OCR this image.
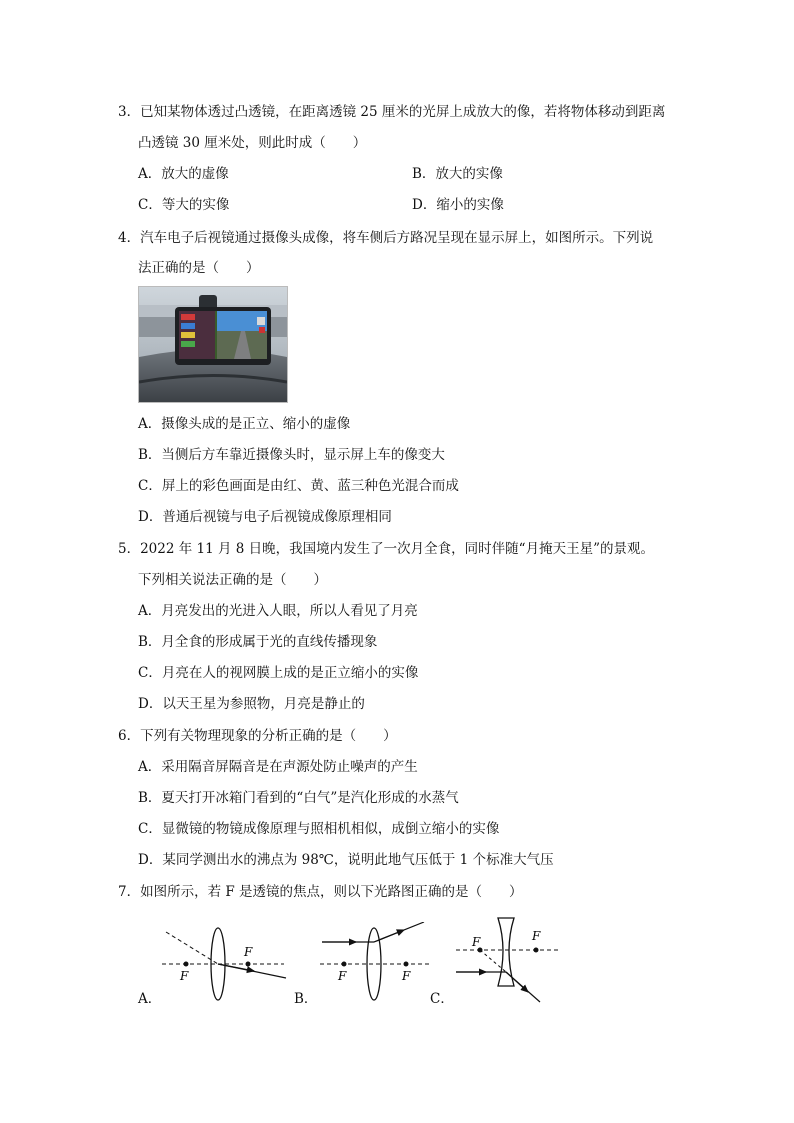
3．已知某物体透过凸透镜，在距离透镜 25 厘米的光屏上成放大的像，若将物体移动到距离
凸透镜 30 厘米处，则此时成（　　）
A．放大的虚像	B．放大的实像
C．等大的实像	D．缩小的实像
4．汽车电子后视镜通过摄像头成像，将车侧后方路况呈现在显示屏上，如图所示。下列说
法正确的是（　　）
A．摄像头成的是正立、缩小的虚像
B．当侧后方车靠近摄像头时，显示屏上车的像变大
C．屏上的彩色画面是由红、黄、蓝三种色光混合而成
D．普通后视镜与电子后视镜成像原理相同
5．2022 年 11 月 8 日晚，我国境内发生了一次月全食，同时伴随“月掩天王星”的景观。
下列相关说法正确的是（　　）
A．月亮发出的光进入人眼，所以人看见了月亮
B．月全食的形成属于光的直线传播现象
C．月亮在人的视网膜上成的是正立缩小的实像
D．以天王星为参照物，月亮是静止的
6．下列有关物理现象的分析正确的是（　　）
A．采用隔音屏隔音是在声源处防止噪声的产生
B．夏天打开冰箱门看到的“白气”是汽化形成的水蒸气
C．显微镜的物镜成像原理与照相机相似，成倒立缩小的实像
D．某同学测出水的沸点为 98℃，说明此地气压低于 1 个标准大气压
7．如图所示，若 F 是透镜的焦点，则以下光路图正确的是（　　）
A．	B．	C．
F
F
F	F
F	F
